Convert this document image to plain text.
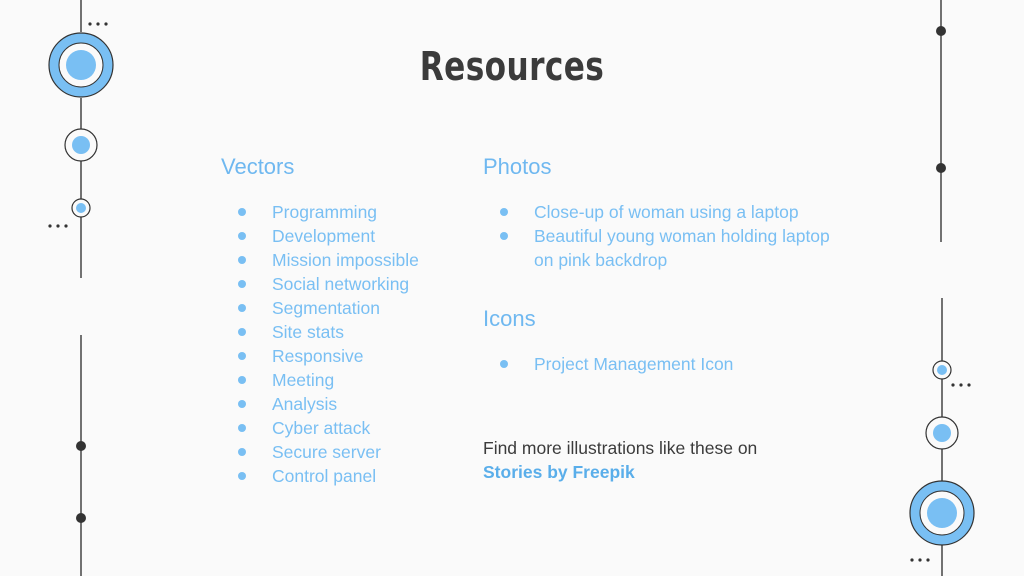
Resources
Vectors
Programming
Development
Mission impossible
Social networking
Segmentation
Site stats
Responsive
Meeting
Analysis
Cyber attack
Secure server
Control panel
Photos
Close-up of woman using a laptop
Beautiful young woman holding laptop on pink backdrop
Icons
Project Management Icon
Find more illustrations like these on
Stories by Freepik
